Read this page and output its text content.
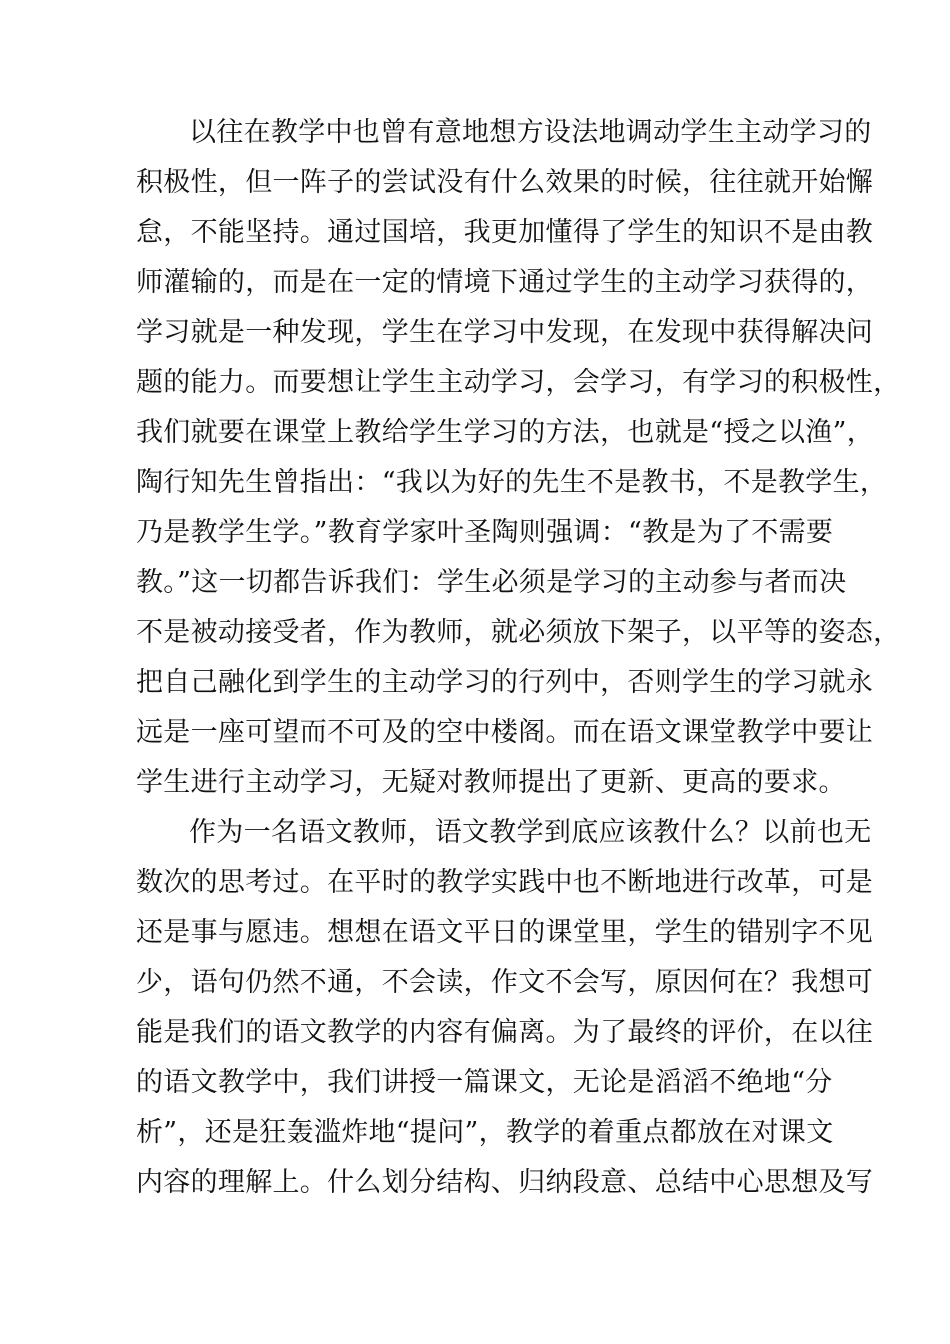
以往在教学中也曾有意地想方设法地调动学生主动学习的
积极性，但一阵子的尝试没有什么效果的时候，往往就开始懈
怠，不能坚持。通过国培，我更加懂得了学生的知识不是由教
师灌输的，而是在一定的情境下通过学生的主动学习获得的，
学习就是一种发现，学生在学习中发现，在发现中获得解决问
题的能力。而要想让学生主动学习，会学习，有学习的积极性，
我们就要在课堂上教给学生学习的方法，也就是“授之以渔”，
陶行知先生曾指出：“我以为好的先生不是教书，不是教学生，
乃是教学生学。”教育学家叶圣陶则强调：“教是为了不需要
教。”这一切都告诉我们：学生必须是学习的主动参与者而决
不是被动接受者，作为教师，就必须放下架子，以平等的姿态，
把自己融化到学生的主动学习的行列中，否则学生的学习就永
远是一座可望而不可及的空中楼阁。而在语文课堂教学中要让
学生进行主动学习，无疑对教师提出了更新、更高的要求。
作为一名语文教师，语文教学到底应该教什么？以前也无
数次的思考过。在平时的教学实践中也不断地进行改革，可是
还是事与愿违。想想在语文平日的课堂里，学生的错别字不见
少，语句仍然不通，不会读，作文不会写，原因何在？我想可
能是我们的语文教学的内容有偏离。为了最终的评价，在以往
的语文教学中，我们讲授一篇课文，无论是滔滔不绝地“分
析”，还是狂轰滥炸地“提问”，教学的着重点都放在对课文
内容的理解上。什么划分结构、归纳段意、总结中心思想及写
